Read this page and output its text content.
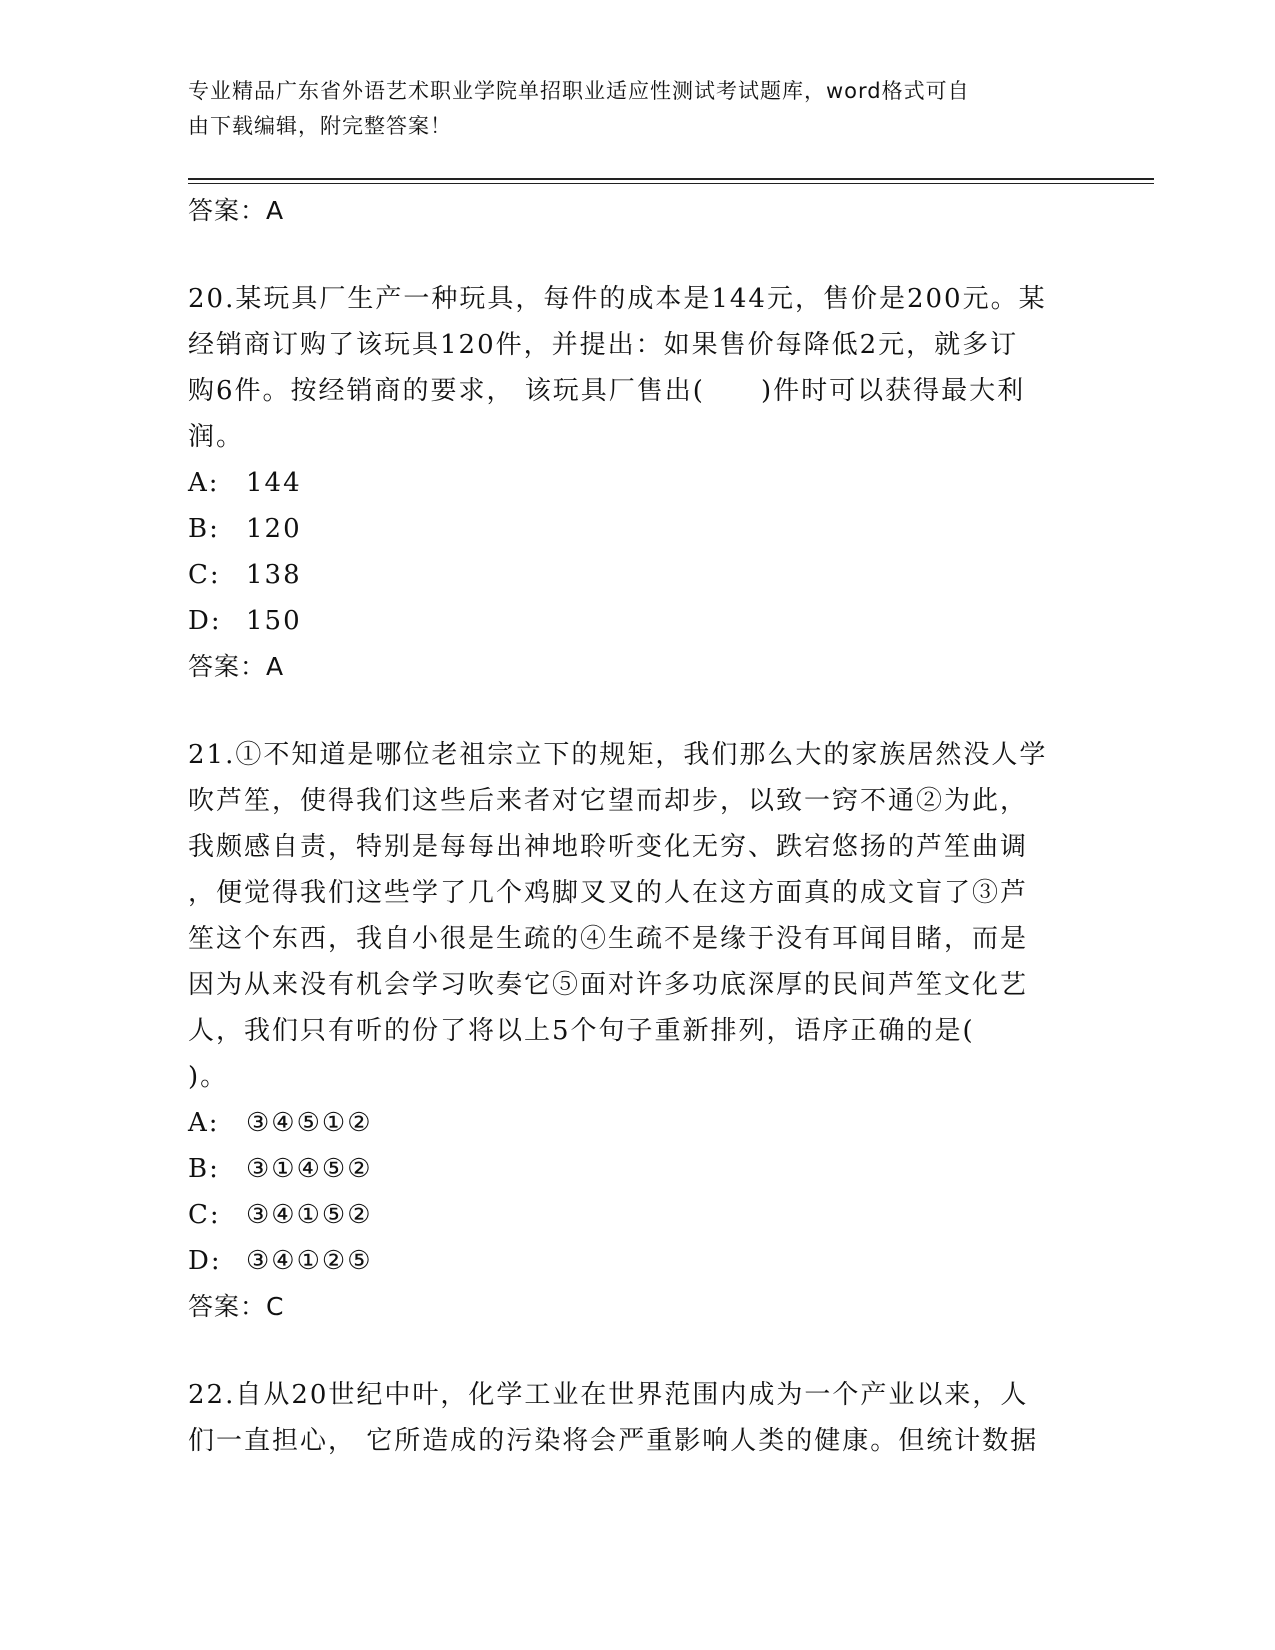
专业精品广东省外语艺术职业学院单招职业适应性测试考试题库，word格式可自
由下载编辑，附完整答案！
答案：A
20.某玩具厂生产一种玩具，每件的成本是144元，售价是200元。某
经销商订购了该玩具120件，并提出：如果售价每降低2元，就多订
购6件。按经销商的要求， 该玩具厂售出(　　)件时可以获得最大利
润。
A:	144
B:	120
C: 138
D: 150
答案：A
21.①不知道是哪位老祖宗立下的规矩，我们那么大的家族居然没人学
吹芦笙，使得我们这些后来者对它望而却步，以致一窍不通②为此，
我颇感自责，特别是每每出神地聆听变化无穷、跌宕悠扬的芦笙曲调
，便觉得我们这些学了几个鸡脚叉叉的人在这方面真的成文盲了③芦
笙这个东西，我自小很是生疏的④生疏不是缘于没有耳闻目睹，而是
因为从来没有机会学习吹奏它⑤面对许多功底深厚的民间芦笙文化艺
人，我们只有听的份了将以上5个句子重新排列，语序正确的是(
)。
A:	③④⑤①②
B:	③①④⑤②
C: ③④①⑤②
D: ③④①②⑤
答案：C
22.自从20世纪中叶，化学工业在世界范围内成为一个产业以来，人
们一直担心， 它所造成的污染将会严重影响人类的健康。但统计数据
